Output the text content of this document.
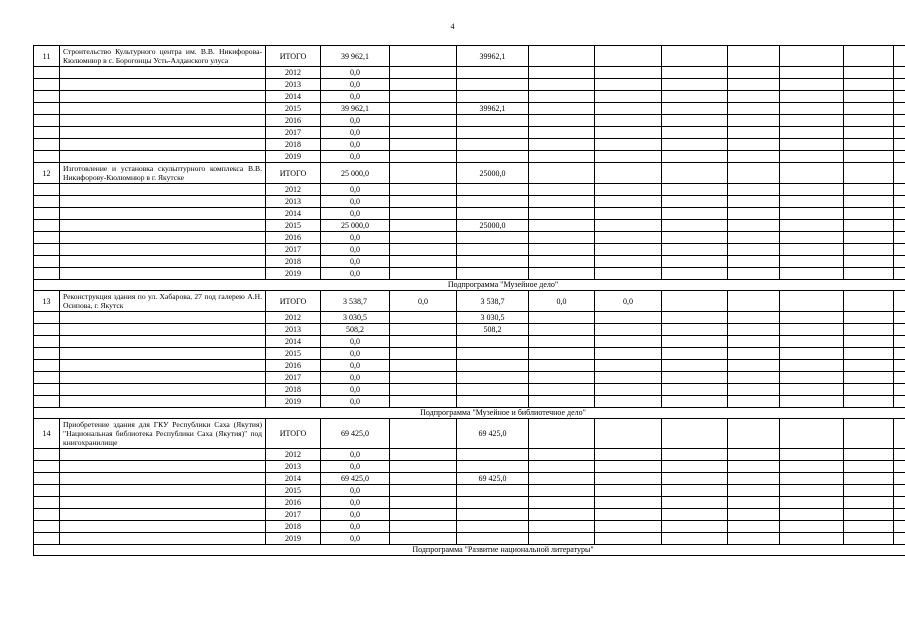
4
11	Строительство Культурного центра им. В.В. Никифорова-Кюлюмнюр в с. Борогонцы Усть-Алданского улуса	ИТОГО	39 962,1		39962,1								
		2012	0,0										
		2013	0,0										
		2014	0,0										
		2015	39 962,1		39962,1								
		2016	0,0										
		2017	0,0										
		2018	0,0										
		2019	0,0										
12	Изготовление и установка скульптурного комплекса В.В. Никифорову-Кюлюмнюр в г. Якутске	ИТОГО	25 000,0		25000,0								
		2012	0,0										
		2013	0,0										
		2014	0,0										
		2015	25 000,0		25000,0								
		2016	0,0										
		2017	0,0										
		2018	0,0										
		2019	0,0										
Подпрограмма "Музейное дело"													
13	Реконструкция здания по ул. Хабарова, 27 под галерею А.Н. Осипова, г. Якутск	ИТОГО	3 538,7	0,0	3 538,7	0,0	0,0						
		2012	3 030,5		3 030,5								
		2013	508,2		508,2								
		2014	0,0										
		2015	0,0										
		2016	0,0										
		2017	0,0										
		2018	0,0										
		2019	0,0										
Подпрограмма "Музейное и библиотечное дело"													
14	Приобретение здания для ГКУ Республики Саха (Якутия) "Национальная библиотека Республики Саха (Якутия)" под книгохранилище	ИТОГО	69 425,0		69 425,0								
		2012	0,0										
		2013	0,0										
		2014	69 425,0		69 425,0								
		2015	0,0										
		2016	0,0										
		2017	0,0										
		2018	0,0										
		2019	0,0										
Подпрограмма "Развитие национальной литературы"													
